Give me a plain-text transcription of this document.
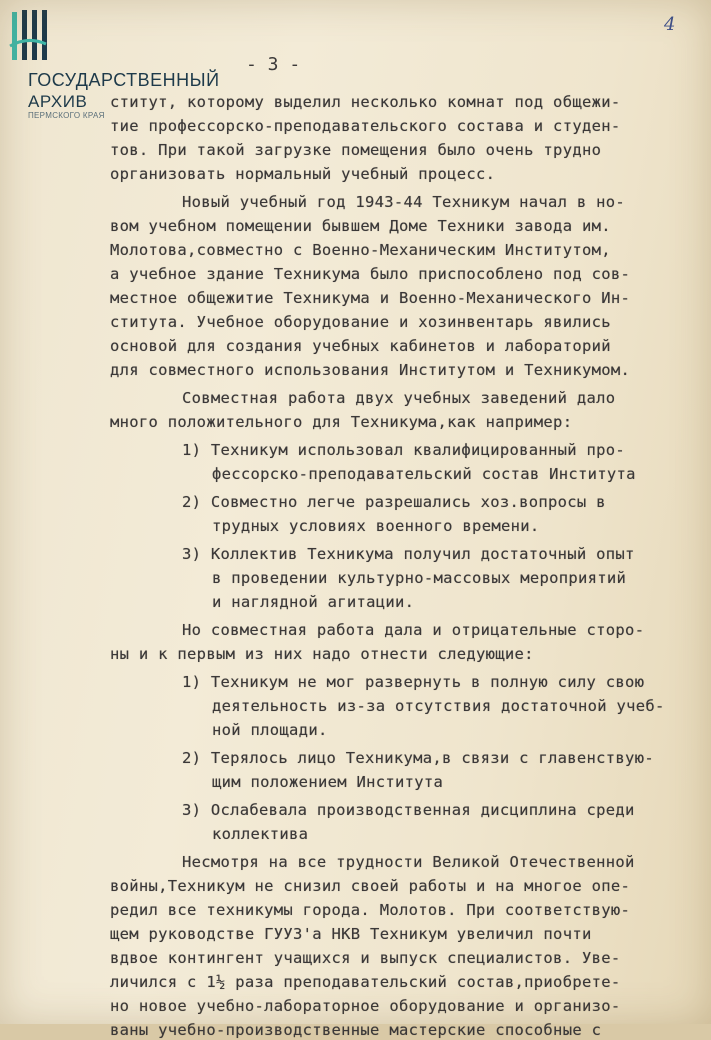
ГОСУДАРСТВЕННЫЙ
АРХИВ
ПЕРМСКОГО КРАЯ
- 3 -
4
ститут, которому выделил несколько комнат под общежи-
тие профессорско-преподавательского состава и студен-
тов. При такой загрузке помещения было очень трудно
организовать нормальный учебный процесс.
Новый учебный год 1943-44 Техникум начал в но-
вом учебном помещении бывшем Доме Техники завода им.
Молотова,совместно с Военно-Механическим Институтом,
а учебное здание Техникума было приспособлено под сов-
местное общежитие Техникума и Военно-Механического Ин-
ститута. Учебное оборудование и хозинвентарь явились
основой для создания учебных кабинетов и лабораторий
для совместного использования Институтом и Техникумом.
Совместная работа двух учебных заведений дало
много положительного для Техникума,как например:
1) Техникум использовал квалифицированный про-
фессорско-преподавательский состав Института
2) Совместно легче разрешались хоз.вопросы в
трудных условиях военного времени.
3) Коллектив Техникума получил достаточный опыт
в проведении культурно-массовых мероприятий
и наглядной агитации.
Но совместная работа дала и отрицательные сторо-
ны и к первым из них надо отнести следующие:
1) Техникум не мог развернуть в полную силу свою
деятельность из-за отсутствия достаточной учеб-
ной площади.
2) Терялось лицо Техникума,в связи с главенствую-
щим положением Института
3) Ослабевала производственная дисциплина среди
коллектива
Несмотря на все трудности Великой Отечественной
войны,Техникум не снизил своей работы и на многое опе-
редил все техникумы города. Молотов. При соответствую-
щем руководстве ГУУЗ'а НКВ Техникум увеличил почти
вдвое контингент учащихся и выпуск специалистов. Уве-
личился с 1½ раза преподавательский состав,приобрете-
но новое учебно-лабораторное оборудование и организо-
ваны учебно-производственные мастерские способные с
